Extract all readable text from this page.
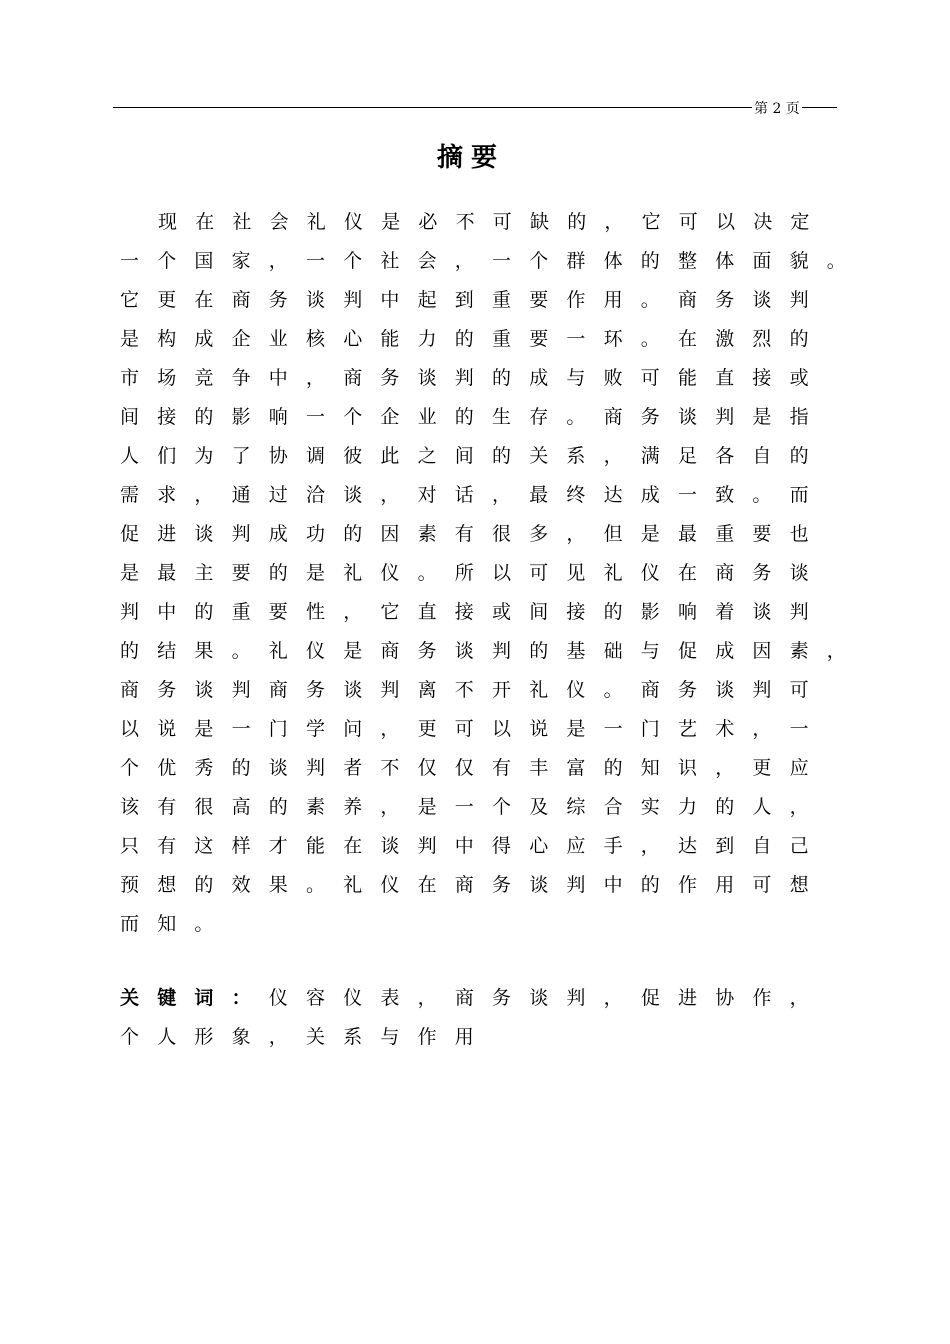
第 2 页
摘要
现在社会礼仪是必不可缺的，它可以决定
一个国家，一个社会，一个群体的整体面貌。
它更在商务谈判中起到重要作用。商务谈判
是构成企业核心能力的重要一环。在激烈的
市场竞争中，商务谈判的成与败可能直接或
间接的影响一个企业的生存。商务谈判是指
人们为了协调彼此之间的关系，满足各自的
需求，通过洽谈，对话，最终达成一致。而
促进谈判成功的因素有很多，但是最重要也
是最主要的是礼仪。所以可见礼仪在商务谈
判中的重要性，它直接或间接的影响着谈判
的结果。礼仪是商务谈判的基础与促成因素，
商务谈判商务谈判离不开礼仪。商务谈判可
以说是一门学问，更可以说是一门艺术，一
个优秀的谈判者不仅仅有丰富的知识，更应
该有很高的素养，是一个及综合实力的人，
只有这样才能在谈判中得心应手，达到自己
预想的效果。礼仪在商务谈判中的作用可想
而知。
关键词：仪容仪表，商务谈判，促进协作，
个人形象，关系与作用
